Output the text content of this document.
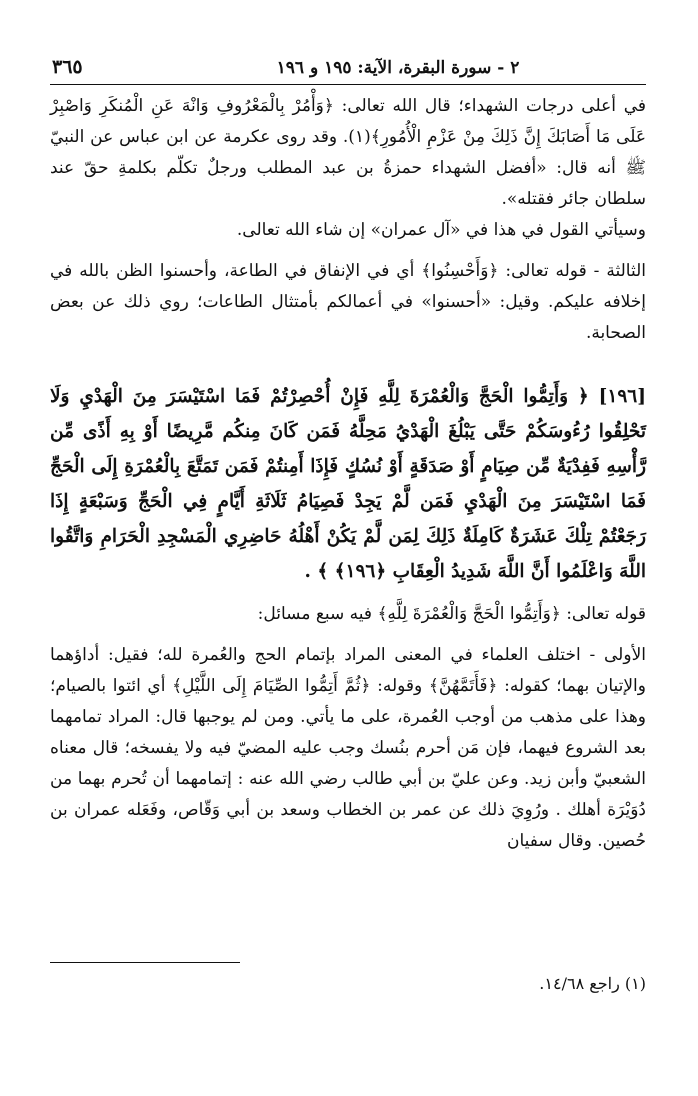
٢ - سورة البقرة، الآية: ١٩٥ و ١٩٦
٣٦٥

في أعلى درجات الشهداء؛ قال الله تعالى: ﴿وَأْمُرْ بِالْمَعْرُوفِ وَانْهَ عَنِ الْمُنكَرِ وَاصْبِرْ عَلَى مَا أَصَابَكَ إِنَّ ذَلِكَ مِنْ عَزْمِ الْأُمُورِ﴾(١). وقد روى عكرمة عن ابن عباس عن النبيّ ﷺ أنه قال: «أفضل الشهداء حمزةُ بن عبد المطلب ورجلٌ تكلّم بكلمةِ حقّ عند سلطان جائر فقتله».

وسيأتي القول في هذا في «آل عمران» إن شاء الله تعالى.

الثالثة - قوله تعالى: ﴿وَأَحْسِنُوا﴾ أي في الإنفاق في الطاعة، وأحسنوا الظن بالله في إخلافه عليكم. وقيل: «أحسنوا» في أعمالكم بأمتثال الطاعات؛ روي ذلك عن بعض الصحابة.

[١٩٦] ﴿ وَأَتِمُّوا الْحَجَّ وَالْعُمْرَةَ لِلَّهِ فَإِنْ أُحْصِرْتُمْ فَمَا اسْتَيْسَرَ مِنَ الْهَدْيِ وَلَا تَحْلِقُوا رُءُوسَكُمْ حَتَّى يَبْلُغَ الْهَدْيُ مَحِلَّهُ فَمَن كَانَ مِنكُم مَّرِيضًا أَوْ بِهِ أَذًى مِّن رَّأْسِهِ فَفِدْيَةٌ مِّن صِيَامٍ أَوْ صَدَقَةٍ أَوْ نُسُكٍ فَإِذَا أَمِنتُمْ فَمَن تَمَتَّعَ بِالْعُمْرَةِ إِلَى الْحَجِّ فَمَا اسْتَيْسَرَ مِنَ الْهَدْيِ فَمَن لَّمْ يَجِدْ فَصِيَامُ ثَلَاثَةِ أَيَّامٍ فِي الْحَجِّ وَسَبْعَةٍ إِذَا رَجَعْتُمْ تِلْكَ عَشَرَةٌ كَامِلَةٌ ذَلِكَ لِمَن لَّمْ يَكُنْ أَهْلُهُ حَاضِرِي الْمَسْجِدِ الْحَرَامِ وَاتَّقُوا اللَّهَ وَاعْلَمُوا أَنَّ اللَّهَ شَدِيدُ الْعِقَابِ ﴿١٩٦﴾ ﴾ .

قوله تعالى: ﴿وَأَتِمُّوا الْحَجَّ وَالْعُمْرَةَ لِلَّهِ﴾ فيه سبع مسائل:

الأولى - اختلف العلماء في المعنى المراد بإتمام الحج والعُمرة لله؛ فقيل: أداؤهما والإتيان بهما؛ كقوله: ﴿فَأَتَمَّهُنَّ﴾ وقوله: ﴿ثُمَّ أَتِمُّوا الصِّيَامَ إِلَى اللَّيْلِ﴾ أي ائتوا بالصيام؛ وهذا على مذهب من أوجب العُمرة، على ما يأتي. ومن لم يوجبها قال: المراد تمامهما بعد الشروع فيهما، فإن مَن أحرم بنُسك وجب عليه المضيّ فيه ولا يفسخه؛ قال معناه الشعبيّ وأبن زيد. وعن عليّ بن أبي طالب رضي الله عنه : إتمامهما أن تُحرم بهما من دُوَيْرَة أهلك . ورُوِيَ ذلك عن عمر بن الخطاب وسعد بن أبي وَقّاص، وفَعَله عمران بن حُصين. وقال سفيان

(١) راجع ١٤/٦٨.
